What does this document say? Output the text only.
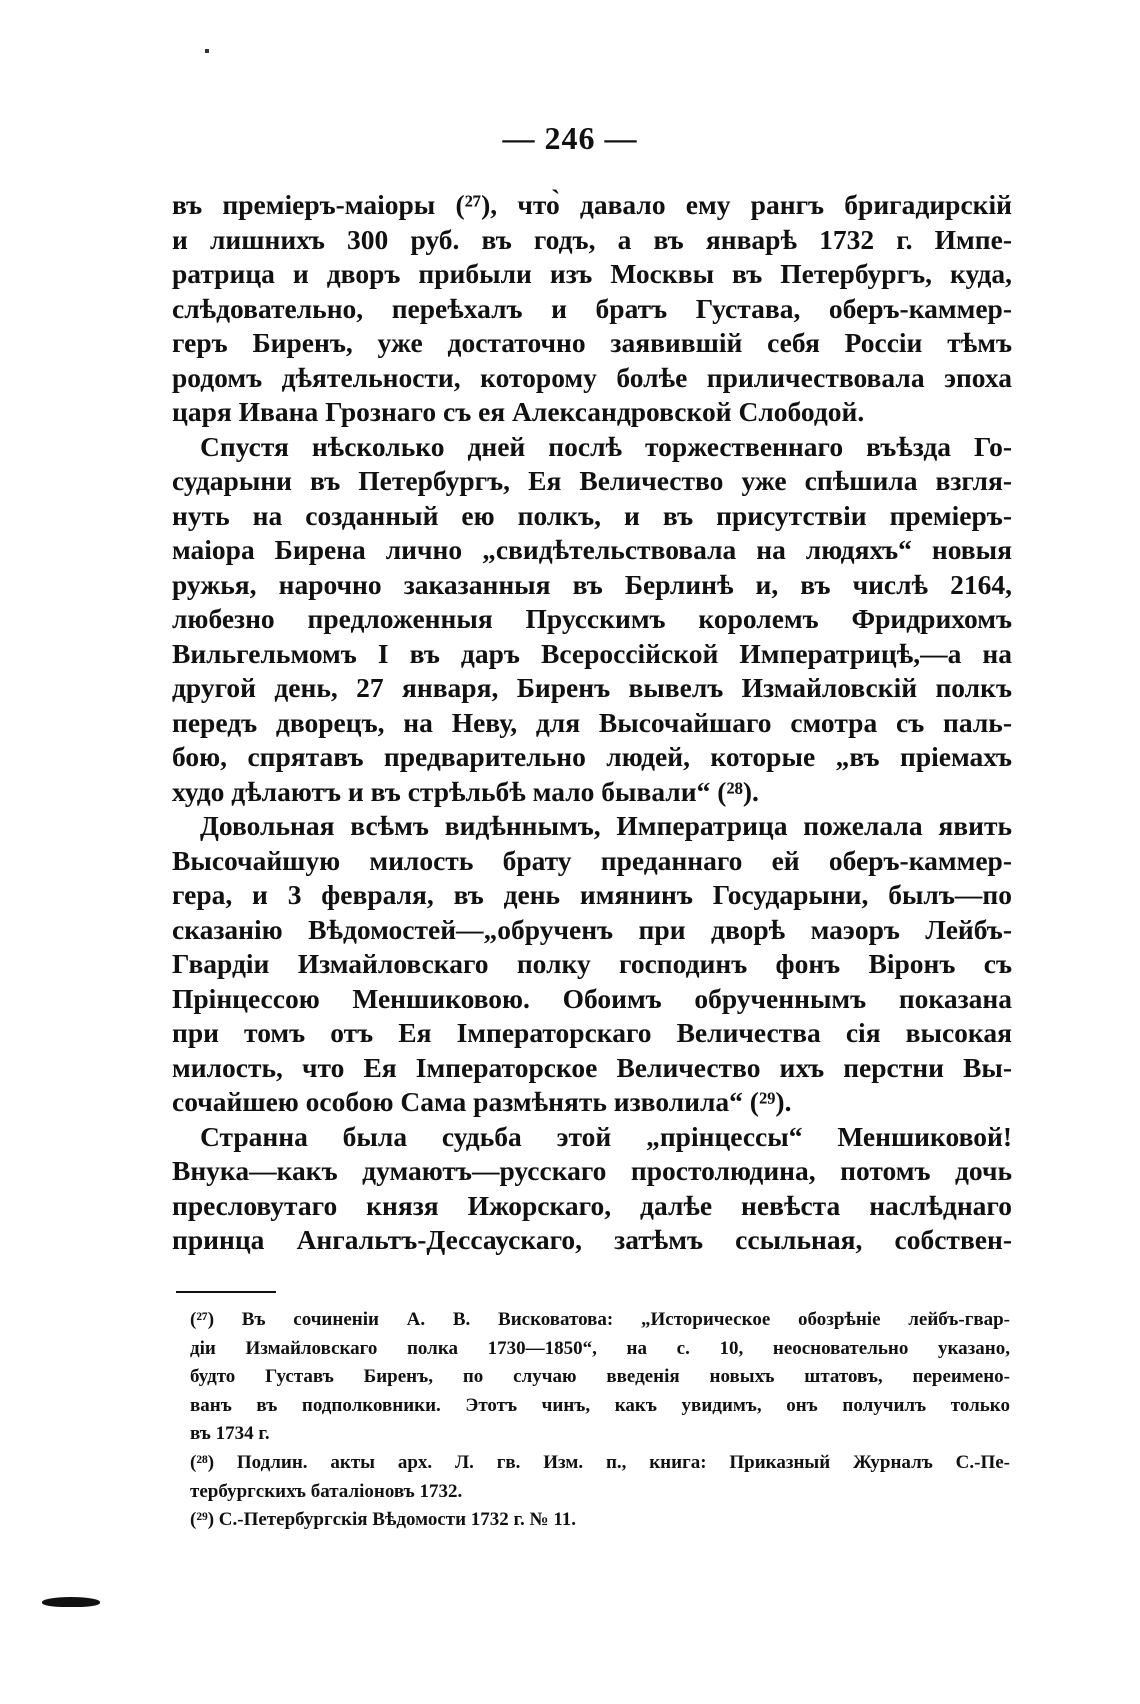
— 246 —
въ премiеръ-маiоры (²⁷), что̀ давало ему рангъ бригадирскiй
и лишнихъ 300 руб. въ годъ, а въ январѣ 1732 г. Импе-
ратрица и дворъ прибыли изъ Москвы въ Петербургъ, куда,
слѣдовательно, переѣхалъ и братъ Густава, оберъ-каммер-
геръ Биренъ, уже достаточно заявившiй себя Россiи тѣмъ
родомъ дѣятельности, которому болѣе приличествовала эпоха
царя Ивана Грознаго съ ея Александровской Слободой.
Спустя нѣсколько дней послѣ торжественнаго въѣзда Го-
сударыни въ Петербургъ, Ея Величество уже спѣшила взгля-
нуть на созданный ею полкъ, и въ присутствiи премiеръ-
маiора Бирена лично „свидѣтельствовала на людяхъ“ новыя
ружья, нарочно заказанныя въ Берлинѣ и, въ числѣ 2164,
любезно предложенныя Прусскимъ королемъ Фридрихомъ
Вильгельмомъ I въ даръ Всероссiйской Императрицѣ,—а на
другой день, 27 января, Биренъ вывелъ Измайловскiй полкъ
передъ дворецъ, на Неву, для Высочайшаго смотра съ паль-
бою, спрятавъ предварительно людей, которые „въ прiемахъ
худо дѣлаютъ и въ стрѣльбѣ мало бывали“ (²⁸).
Довольная всѣмъ видѣннымъ, Императрица пожелала явить
Высочайшую милость брату преданнаго ей оберъ-каммер-
гера, и 3 февраля, въ день имянинъ Государыни, былъ—по
сказанiю Вѣдомостей—„обрученъ при дворѣ маэоръ Лейбъ-
Гвардiи Измайловскаго полку господинъ фонъ Вiронъ съ
Прiнцессою Меншиковою. Обоимъ обрученнымъ показана
при томъ отъ Ея Iмператорскаго Величества сiя высокая
милость, что Ея Iмператорское Величество ихъ перстни Вы-
сочайшею особою Сама размѣнять изволила“ (²⁹).
Странна была судьба этой „прiнцессы“ Меншиковой!
Внука—какъ думаютъ—русскаго простолюдина, потомъ дочь
пресловутаго князя Ижорскаго, далѣе невѣста наслѣднаго
принца Ангальтъ-Дессаускаго, затѣмъ ссыльная, собствен-
(²⁷) Въ сочиненiи А. В. Висковатова: „Историческое обозрѣнiе лейбъ-гвар-
дiи Измайловскаго полка 1730—1850“, на с. 10, неосновательно указано,
будто Густавъ Биренъ, по случаю введенiя новыхъ штатовъ, переимено-
ванъ въ подполковники. Этотъ чинъ, какъ увидимъ, онъ получилъ только
въ 1734 г.
(²⁸) Подлин. акты арх. Л. гв. Изм. п., книга: Приказный Журналъ С.-Пе-
тербургскихъ баталiоновъ 1732.
(²⁹) С.-Петербургскiя Вѣдомости 1732 г. № 11.
